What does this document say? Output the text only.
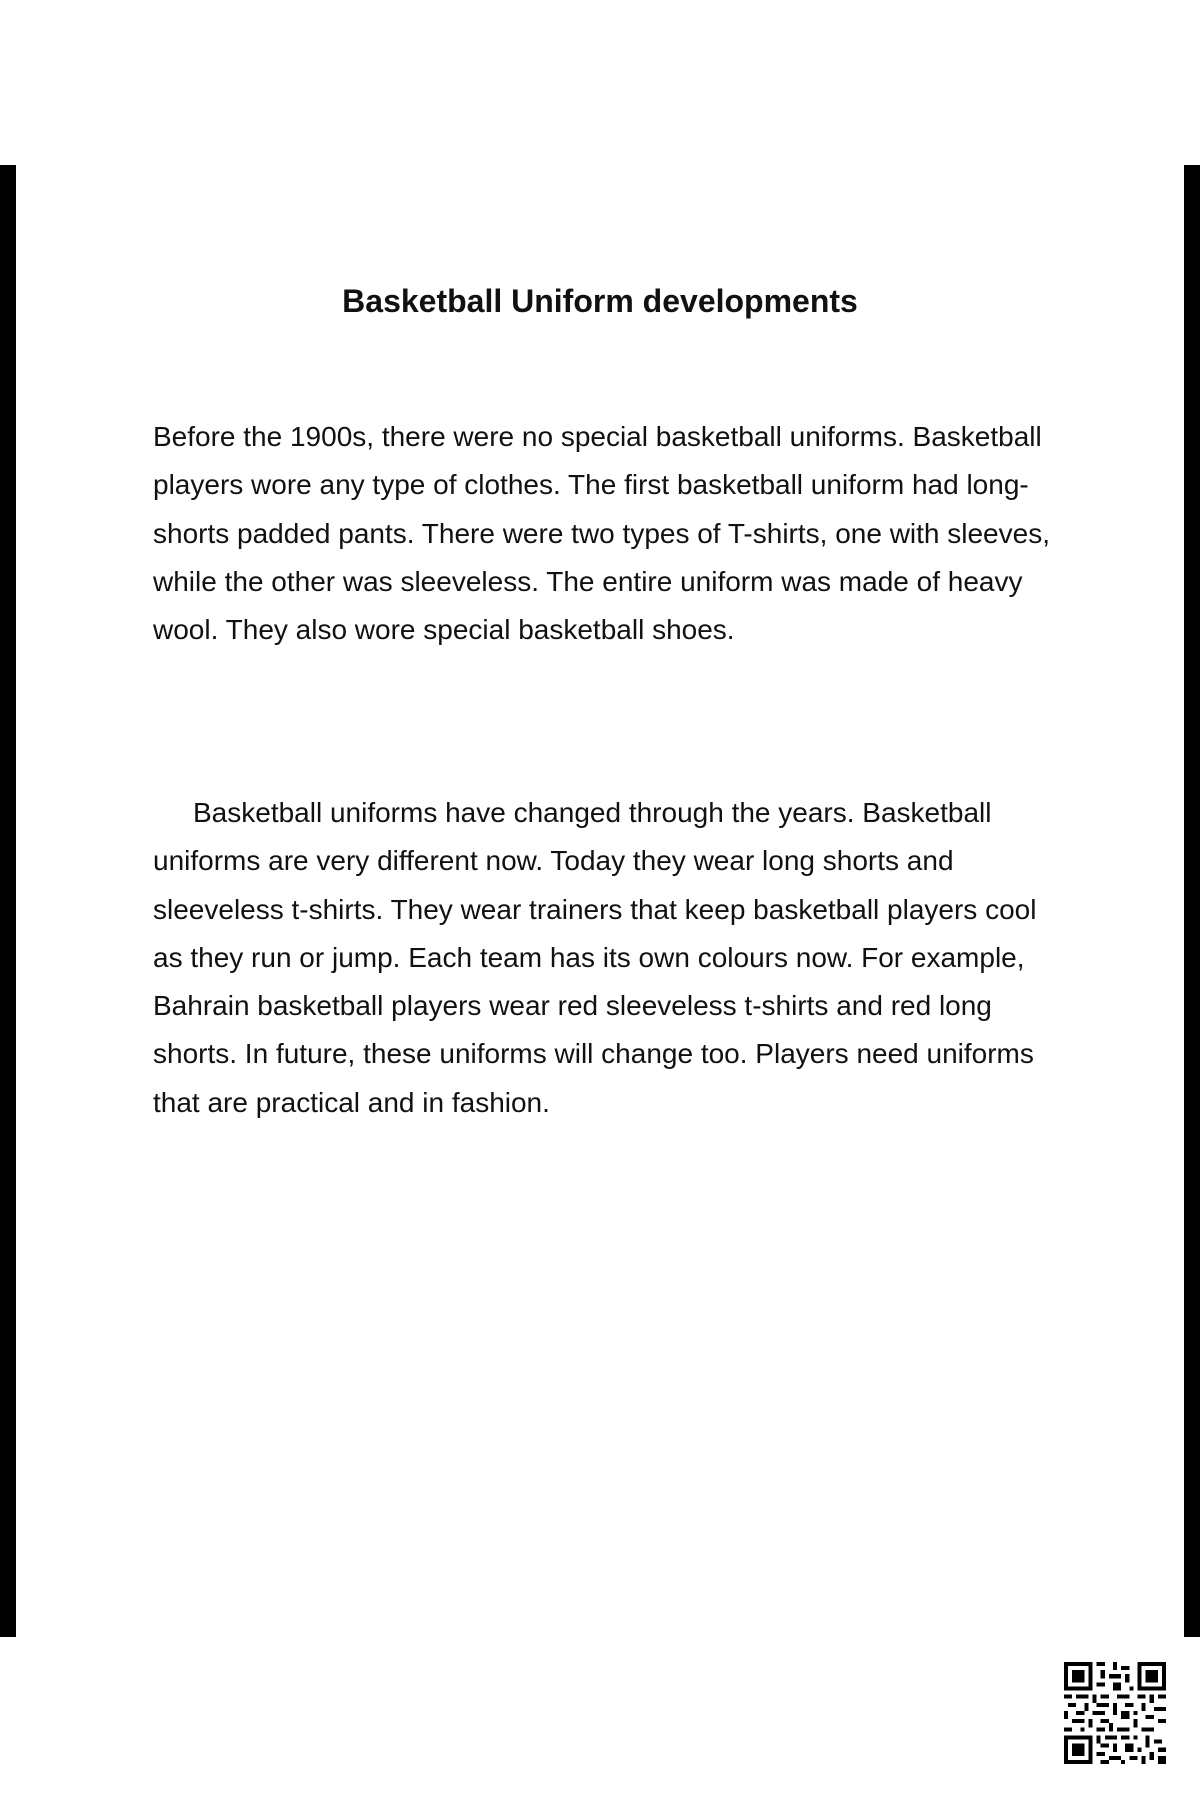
Basketball Uniform developments

Before the 1900s, there were no special basketball uniforms. Basketball players wore any type of clothes. The first basketball uniform had long-shorts padded pants. There were two types of T-shirts, one with sleeves, while the other was sleeveless. The entire uniform was made of heavy wool. They also wore special basketball shoes.

Basketball uniforms have changed through the years. Basketball uniforms are very different now. Today they wear long shorts and sleeveless t-shirts. They wear trainers that keep basketball players cool as they run or jump. Each team has its own colours now. For example, Bahrain basketball players wear red sleeveless t-shirts and red long shorts. In future, these uniforms will change too. Players need uniforms that are practical and in fashion.
